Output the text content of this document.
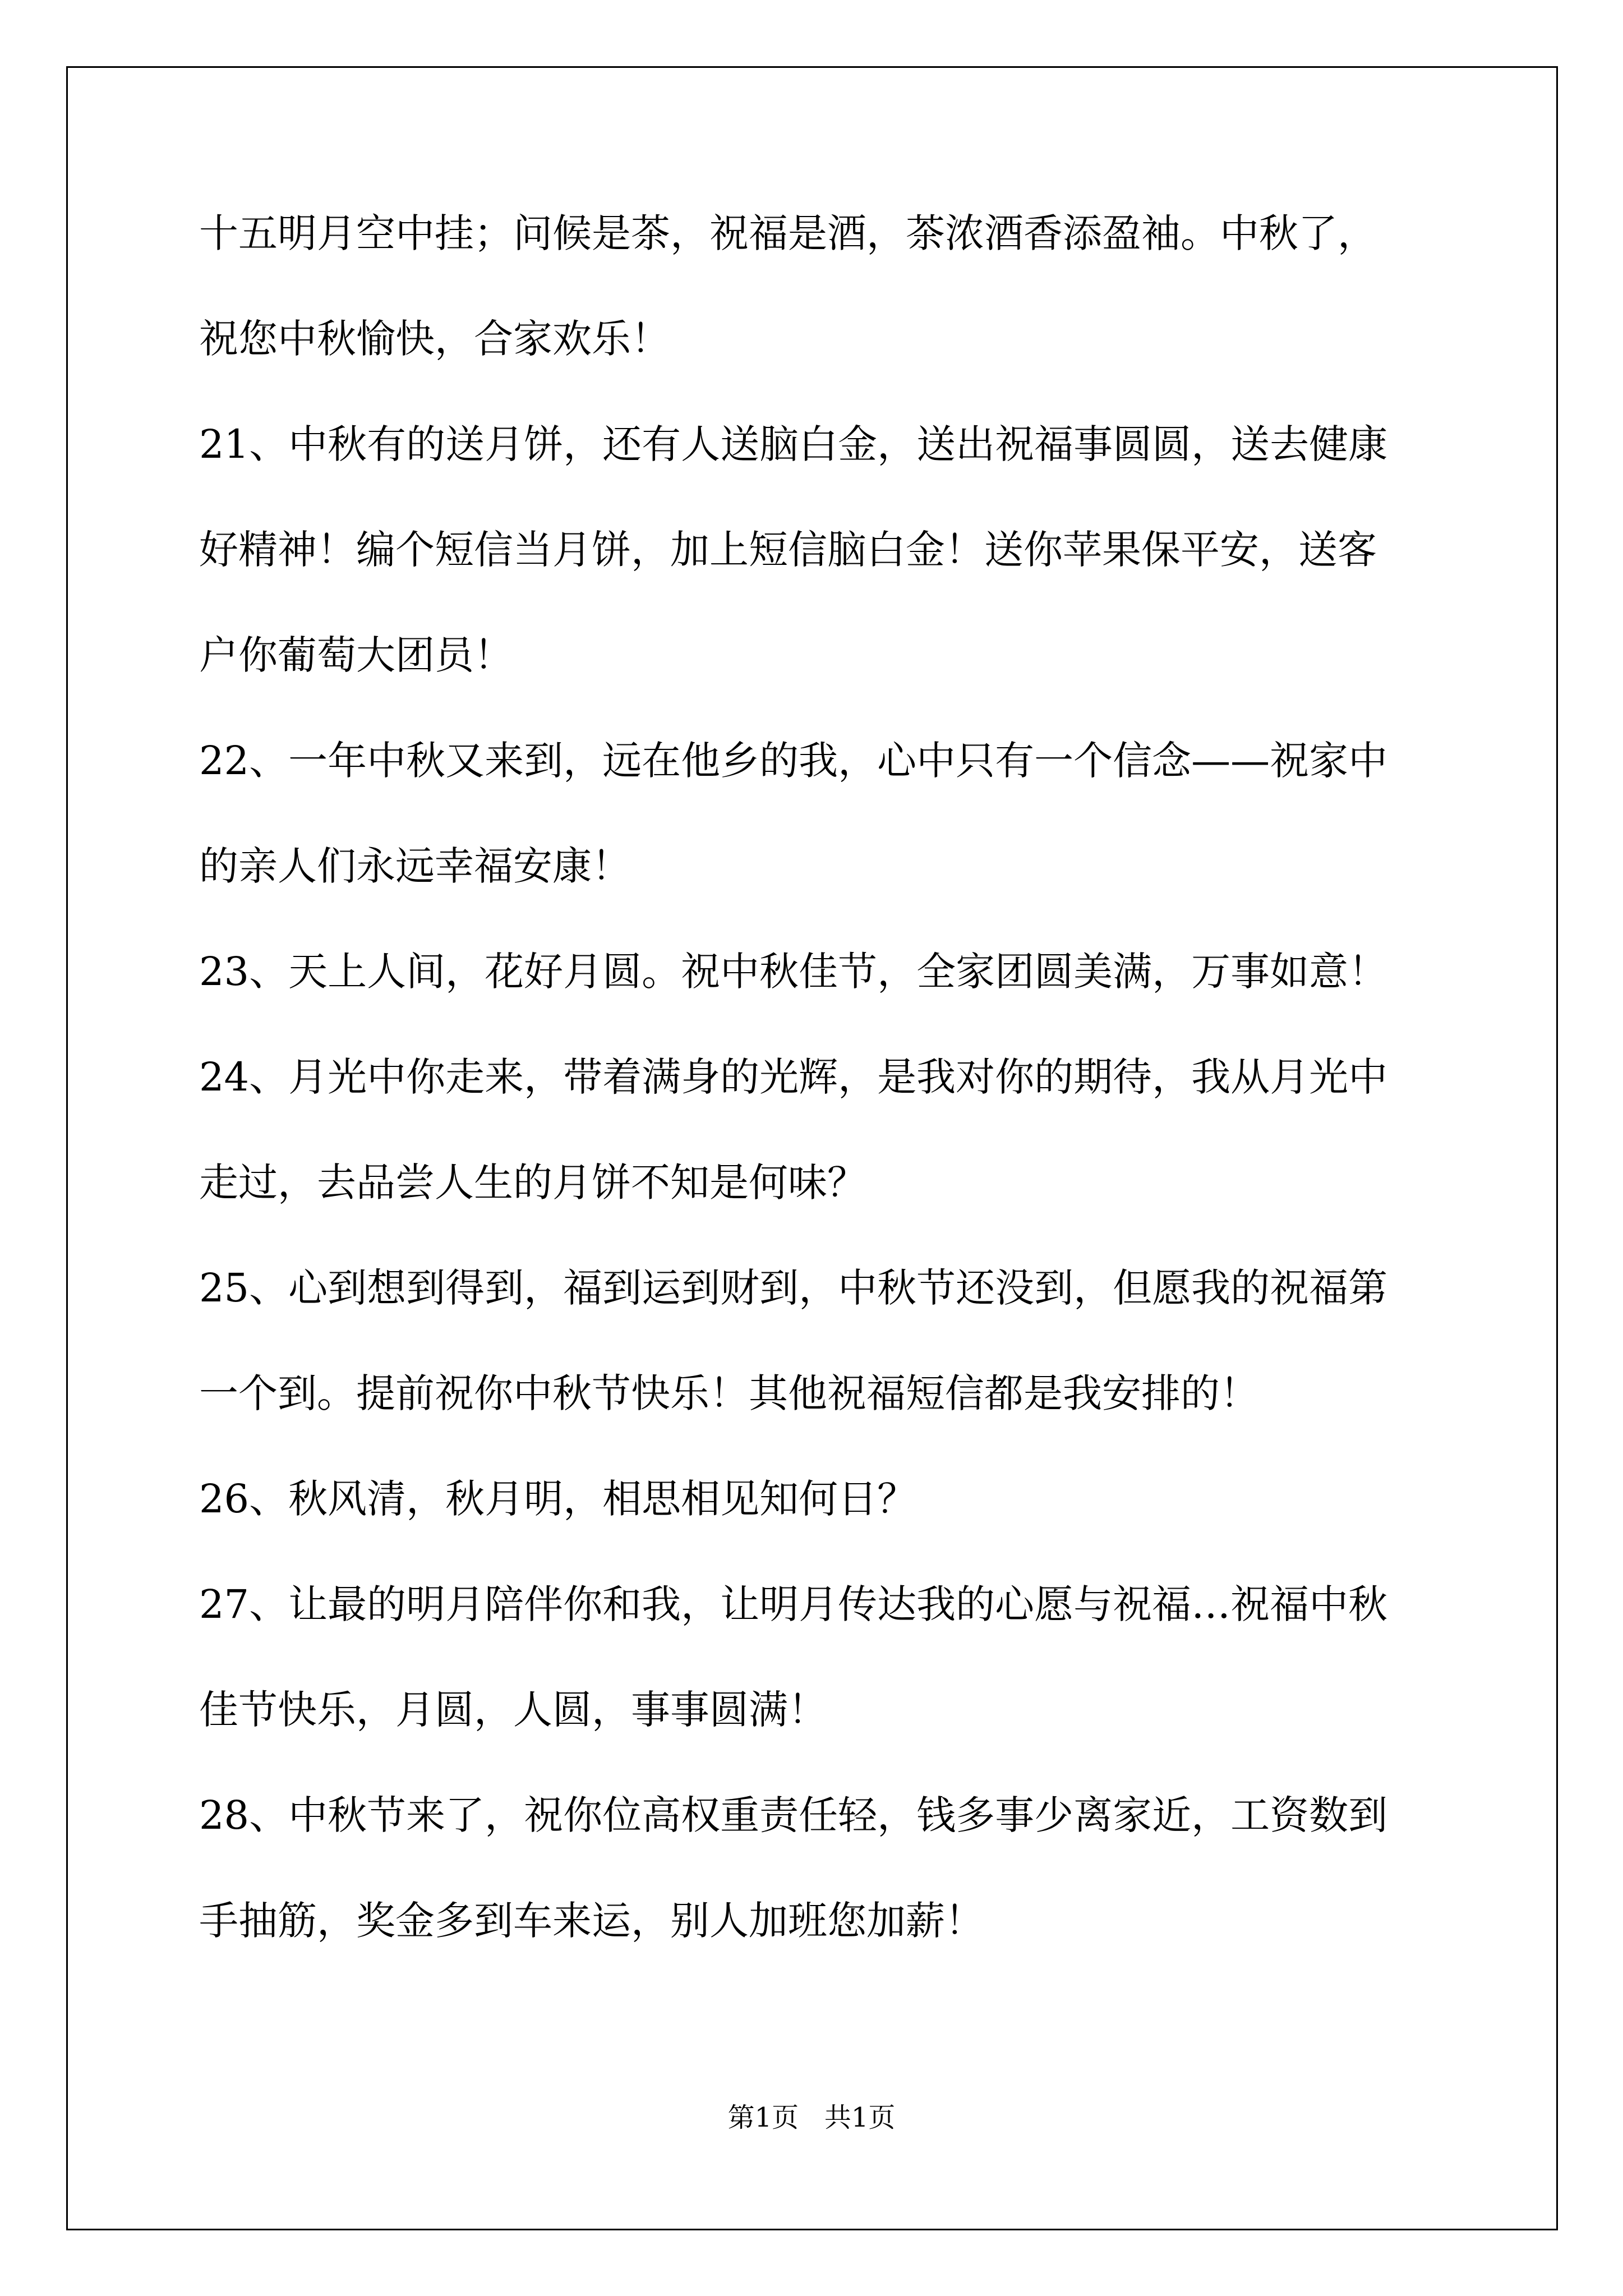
十五明月空中挂；问候是茶，祝福是酒，茶浓酒香添盈袖。中秋了，
祝您中秋愉快，合家欢乐！
21、中秋有的送月饼，还有人送脑白金，送出祝福事圆圆，送去健康
好精神！编个短信当月饼，加上短信脑白金！送你苹果保平安，送客
户你葡萄大团员！
22、一年中秋又来到，远在他乡的我，心中只有一个信念——祝家中
的亲人们永远幸福安康！
23、天上人间，花好月圆。祝中秋佳节，全家团圆美满，万事如意！
24、月光中你走来，带着满身的光辉，是我对你的期待，我从月光中
走过，去品尝人生的月饼不知是何味？
25、心到想到得到，福到运到财到，中秋节还没到，但愿我的祝福第
一个到。提前祝你中秋节快乐！其他祝福短信都是我安排的！
26、秋风清，秋月明，相思相见知何日？
27、让最的明月陪伴你和我，让明月传达我的心愿与祝福…祝福中秋
佳节快乐，月圆，人圆，事事圆满！
28、中秋节来了，祝你位高权重责任轻，钱多事少离家近，工资数到
手抽筋，奖金多到车来运，别人加班您加薪！
第1页   共1页
